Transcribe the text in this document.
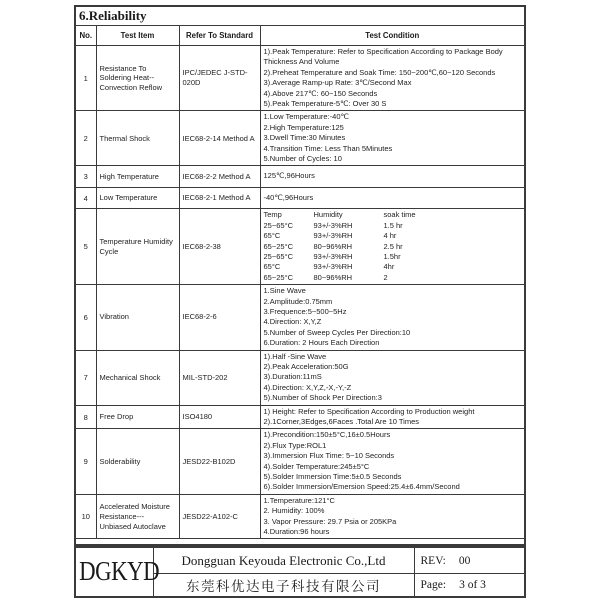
6.Reliability			
No.	Test Item	Refer To Standard	Test Condition
1	Resistance To Soldering Heat-- Convection Reflow	IPC/JEDEC J-STD-020D	1).Peak Temperature: Refer to Specification According to Package Body Thickness And Volume
2).Preheat Temperature and Soak Time: 150~200℃,60~120 Seconds
3).Average Ramp-up Rate: 3℃/Second Max
4).Above 217℃: 60~150 Seconds
5).Peak Temperature-5℃: Over 30 S

2	Thermal Shock	IEC68-2-14 Method A	1.Low Temperature:-40℃
2.High Temperature:125
3.Dwell Time:30 Minutes
4.Transition Time: Less Than 5Minutes
5.Number of Cycles: 10

3	High Temperature	IEC68-2-2 Method A	125℃,96Hours

4	Low Temperature	IEC68-2-1 Method A	-40℃,96Hours

5	Temperature Humidity Cycle	IEC68-2-38	
Temp	Humidity	soak time
25~65°C	93+/-3%RH	1.5 hr
65°C	93+/-3%RH	4 hr
65~25°C	80~96%RH	2.5 hr
25~65°C	93+/-3%RH	1.5hr
65°C	93+/-3%RH	4hr
65~25°C	80~96%RH	2

6	Vibration	IEC68-2-6	
1.Sine Wave
2.Amplitude:0.75mm
3.Frequence:5~500~5Hz
4.Direction: X,Y,Z
5.Number of Sweep Cycles Per Direction:10
6.Duration: 2 Hours Each Direction

7	Mechanical Shock	MIL-STD-202	1).Half -Sine Wave
2).Peak Acceleration:50G
3).Duration:11mS
4).Direction: X,Y,Z,-X,-Y,-Z
5).Number of Shock Per Direction:3

8	Free Drop	ISO4180	1) Height: Refer to Specification According to Production weight
2).1Corner,3Edges,6Faces .Total Are 10 Times

9	Solderability	JESD22-B102D	
1).Precondition:150±5°C,16±0.5Hours
2).Flux Type:ROL1
3).Immersion Flux Time: 5~10 Seconds
4).Solder Temperature:245±5°C
5).Solder Immersion Time:5±0.5 Seconds
6).Solder Immersion/Emersion Speed:25.4±6.4mm/Second

10	Accelerated Moisture Resistance--- Unbiased Autoclave	JESD22-A102-C	1.Temperature:121°C
2. Humidity: 100%
3. Vapor Pressure: 29.7 Psia or 205KPa
4.Duration:96 hours

DGKYD	Dongguan Keyouda Electronic Co.,Ltd	REV: 00
	东莞科优达电子科技有限公司	Page: 3 of 3
